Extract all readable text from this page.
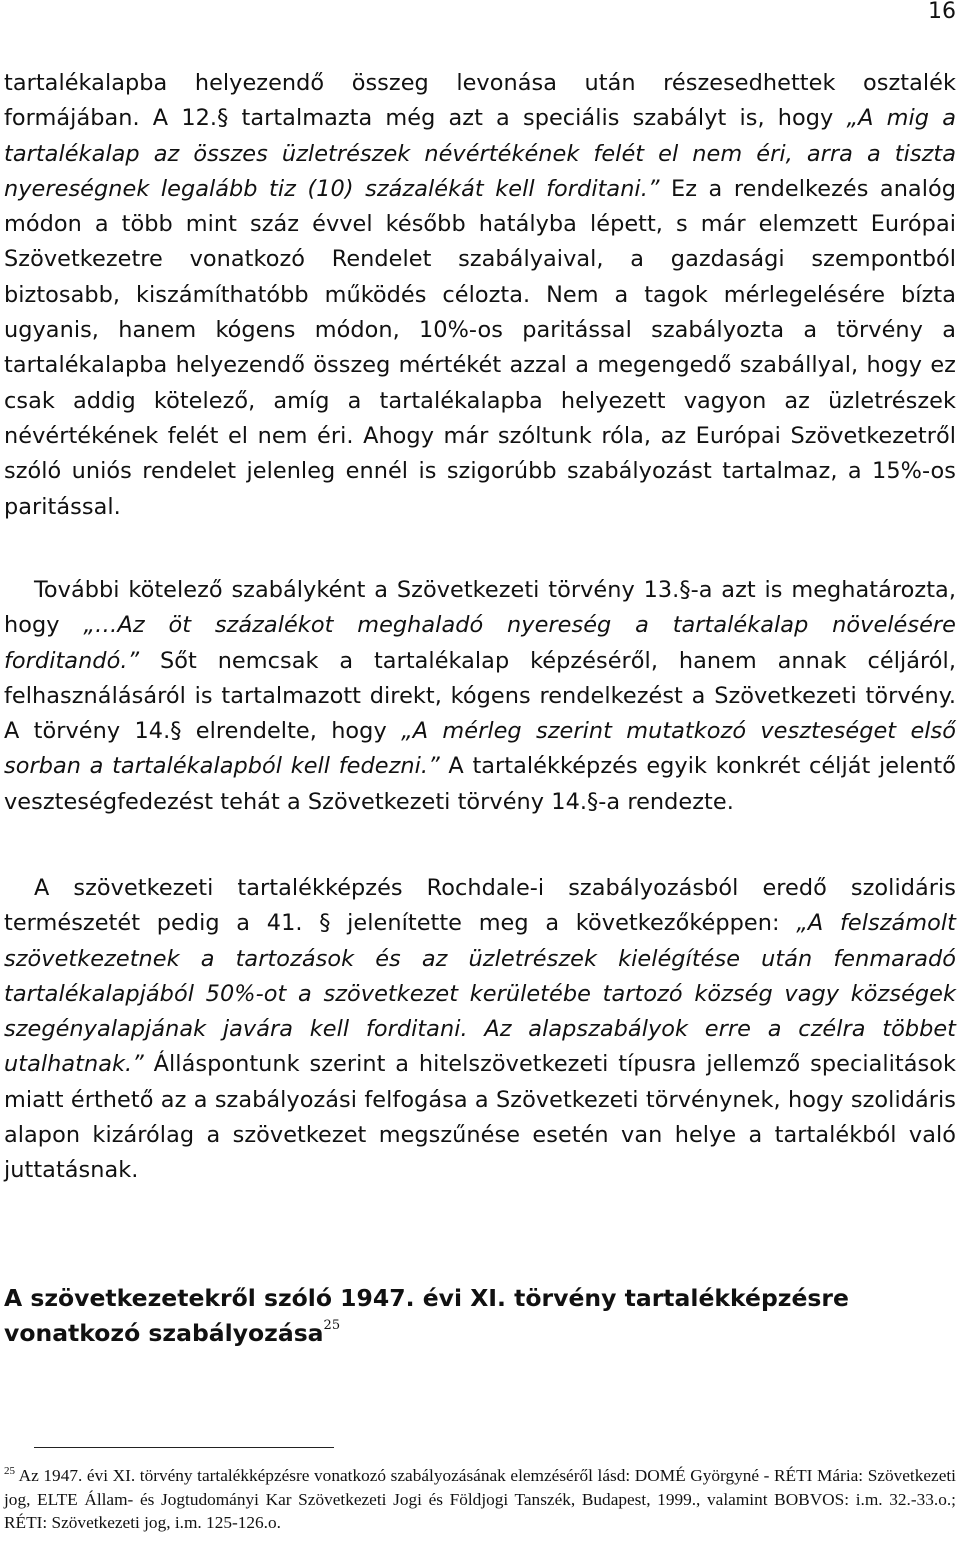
16

tartalékalapba helyezendő összeg levonása után részesedhettek osztalék formájában. A 12.§ tartalmazta még azt a speciális szabályt is, hogy „A mig a tartalékalap az összes üzletrészek névértékének felét el nem éri, arra a tiszta nyereségnek legalább tiz (10) százalékát kell forditani.” Ez a rendelkezés analóg módon a több mint száz évvel később hatályba lépett, s már elemzett Európai Szövetkezetre vonatkozó Rendelet szabályaival, a gazdasági szempontból biztosabb, kiszámíthatóbb működés célozta. Nem a tagok mérlegelésére bízta ugyanis, hanem kógens módon, 10%-os paritással szabályozta a törvény a tartalékalapba helyezendő összeg mértékét azzal a megengedő szabállyal, hogy ez csak addig kötelező, amíg a tartalékalapba helyezett vagyon az üzletrészek névértékének felét el nem éri. Ahogy már szóltunk róla, az Európai Szövetkezetről szóló uniós rendelet jelenleg ennél is szigorúbb szabályozást tartalmaz, a 15%-os paritással.

További kötelező szabályként a Szövetkezeti törvény 13.§-a azt is meghatározta, hogy „…Az öt százalékot meghaladó nyereség a tartalékalap növelésére forditandó.” Sőt nemcsak a tartalékalap képzéséről, hanem annak céljáról, felhasználásáról is tartalmazott direkt, kógens rendelkezést a Szövetkezeti törvény. A törvény 14.§ elrendelte, hogy „A mérleg szerint mutatkozó veszteséget első sorban a tartalékalapból kell fedezni.” A tartalékképzés egyik konkrét célját jelentő veszteségfedezést tehát a Szövetkezeti törvény 14.§-a rendezte.

A szövetkezeti tartalékképzés Rochdale-i szabályozásból eredő szolidáris természetét pedig a 41. § jelenítette meg a következőképpen: „A felszámolt szövetkezetnek a tartozások és az üzletrészek kielégítése után fenmaradó tartalékalapjából 50%-ot a szövetkezet kerületébe tartozó község vagy községek szegényalapjának javára kell forditani. Az alapszabályok erre a czélra többet utalhatnak.” Álláspontunk szerint a hitelszövetkezeti típusra jellemző specialitások miatt érthető az a szabályozási felfogása a Szövetkezeti törvénynek, hogy szolidáris alapon kizárólag a szövetkezet megszűnése esetén van helye a tartalékból való juttatásnak.

A szövetkezetekről szóló 1947. évi XI. törvény tartalékképzésre vonatkozó szabályozása$^{25}$

$^{25}$ Az 1947. évi XI. törvény tartalékképzésre vonatkozó szabályozásának elemzéséről lásd: DOMÉ Györgyné - RÉTI Mária: Szövetkezeti jog, ELTE Állam- és Jogtudományi Kar Szövetkezeti Jogi és Földjogi Tanszék, Budapest, 1999., valamint BOBVOS: i.m. 32.-33.o.; RÉTI: Szövetkezeti jog, i.m. 125-126.o.
